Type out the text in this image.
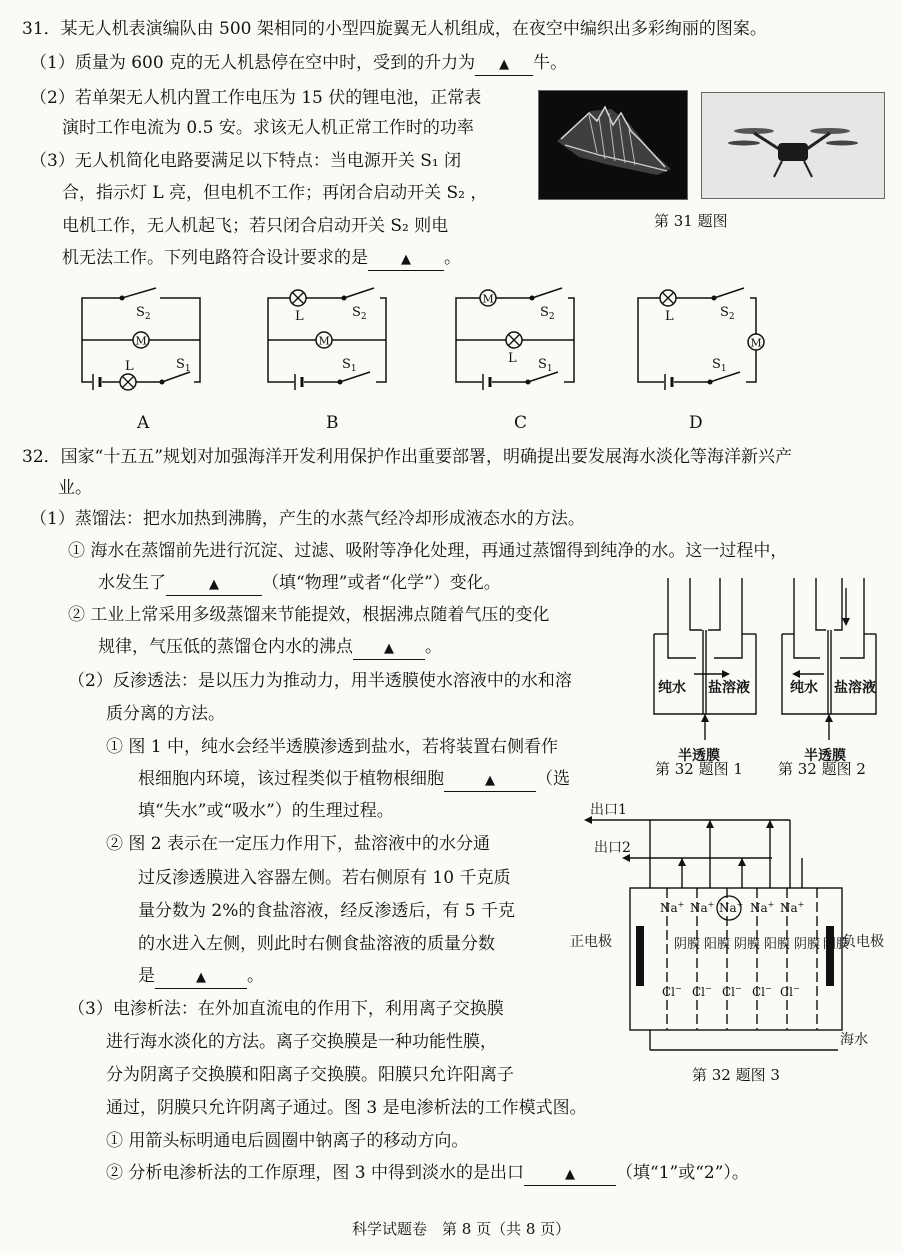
31．某无人机表演编队由 500 架相同的小型四旋翼无人机组成，在夜空中编织出多彩绚丽的图案。
（1）质量为 600 克的无人机悬停在空中时，受到的升力为 ▲ 牛。
（2）若单架无人机内置工作电压为 15 伏的锂电池，正常表
演时工作电流为 0.5 安。求该无人机正常工作时的功率
（3）无人机简化电路要满足以下特点：当电源开关 S₁ 闭
合，指示灯 L 亮，但电机不工作；再闭合启动开关 S₂ ，
电机工作，无人机起飞；若只闭合启动开关 S₂ 则电
机无法工作。下列电路符合设计要求的是	▲ 。
第 31 题图
$S_2$
M
L	$S_1$
A
L	$S_2$
M
$S_1$
B
M
$S_2$
L $S_1$
C
L	$S_2$
M
$S_1$
D
32．国家“十五五”规划对加强海洋开发利用保护作出重要部署，明确提出要发展海水淡化等海洋新兴产
业。
（1）蒸馏法：把水加热到沸腾，产生的水蒸气经冷却形成液态水的方法。
① 海水在蒸馏前先进行沉淀、过滤、吸附等净化处理，再通过蒸馏得到纯净的水。这一过程中，
水发生了	▲	（填“物理”或者“化学”）变化。
② 工业上常采用多级蒸馏来节能提效，根据沸点随着气压的变化
规律，气压低的蒸馏仓内水的沸点 ▲ 。
（2）反渗透法：是以压力为推动力，用半透膜使水溶液中的水和溶
质分离的方法。
① 图 1 中，纯水会经半透膜渗透到盐水，若将装置右侧看作
根细胞内环境，该过程类似于植物根细胞	▲ （选
填“失水”或“吸水”）的生理过程。
② 图 2 表示在一定压力作用下，盐溶液中的水分通
过反渗透膜进入容器左侧。若右侧原有 10 千克质
量分数为 2%的食盐溶液，经反渗透后，有 5 千克
的水进入左侧，则此时右侧食盐溶液的质量分数
是	▲ 。
（3）电渗析法：在外加直流电的作用下，利用离子交换膜
进行海水淡化的方法。离子交换膜是一种功能性膜，
分为阴离子交换膜和阳离子交换膜。阳膜只允许阳离子
通过，阴膜只允许阴离子通过。图 3 是电渗析法的工作模式图。
① 用箭头标明通电后圆圈中钠离子的移动方向。
② 分析电渗析法的工作原理，图 3 中得到淡水的是出口	▲ （填“1”或“2”）。
纯水 盐溶液
半透膜
第 32 题图 1
纯水 盐溶液
半透膜
第 32 题图 2
出口1
出口2
正电极	负电极
海水
Na+ Na+ Na+ Na+ Na+
阴膜 阳膜 阴膜 阳膜 阴膜 阳膜
Cl− Cl− Cl− Cl− Cl−
第 32 题图 3
科学试题卷　第 8 页（共 8 页）
